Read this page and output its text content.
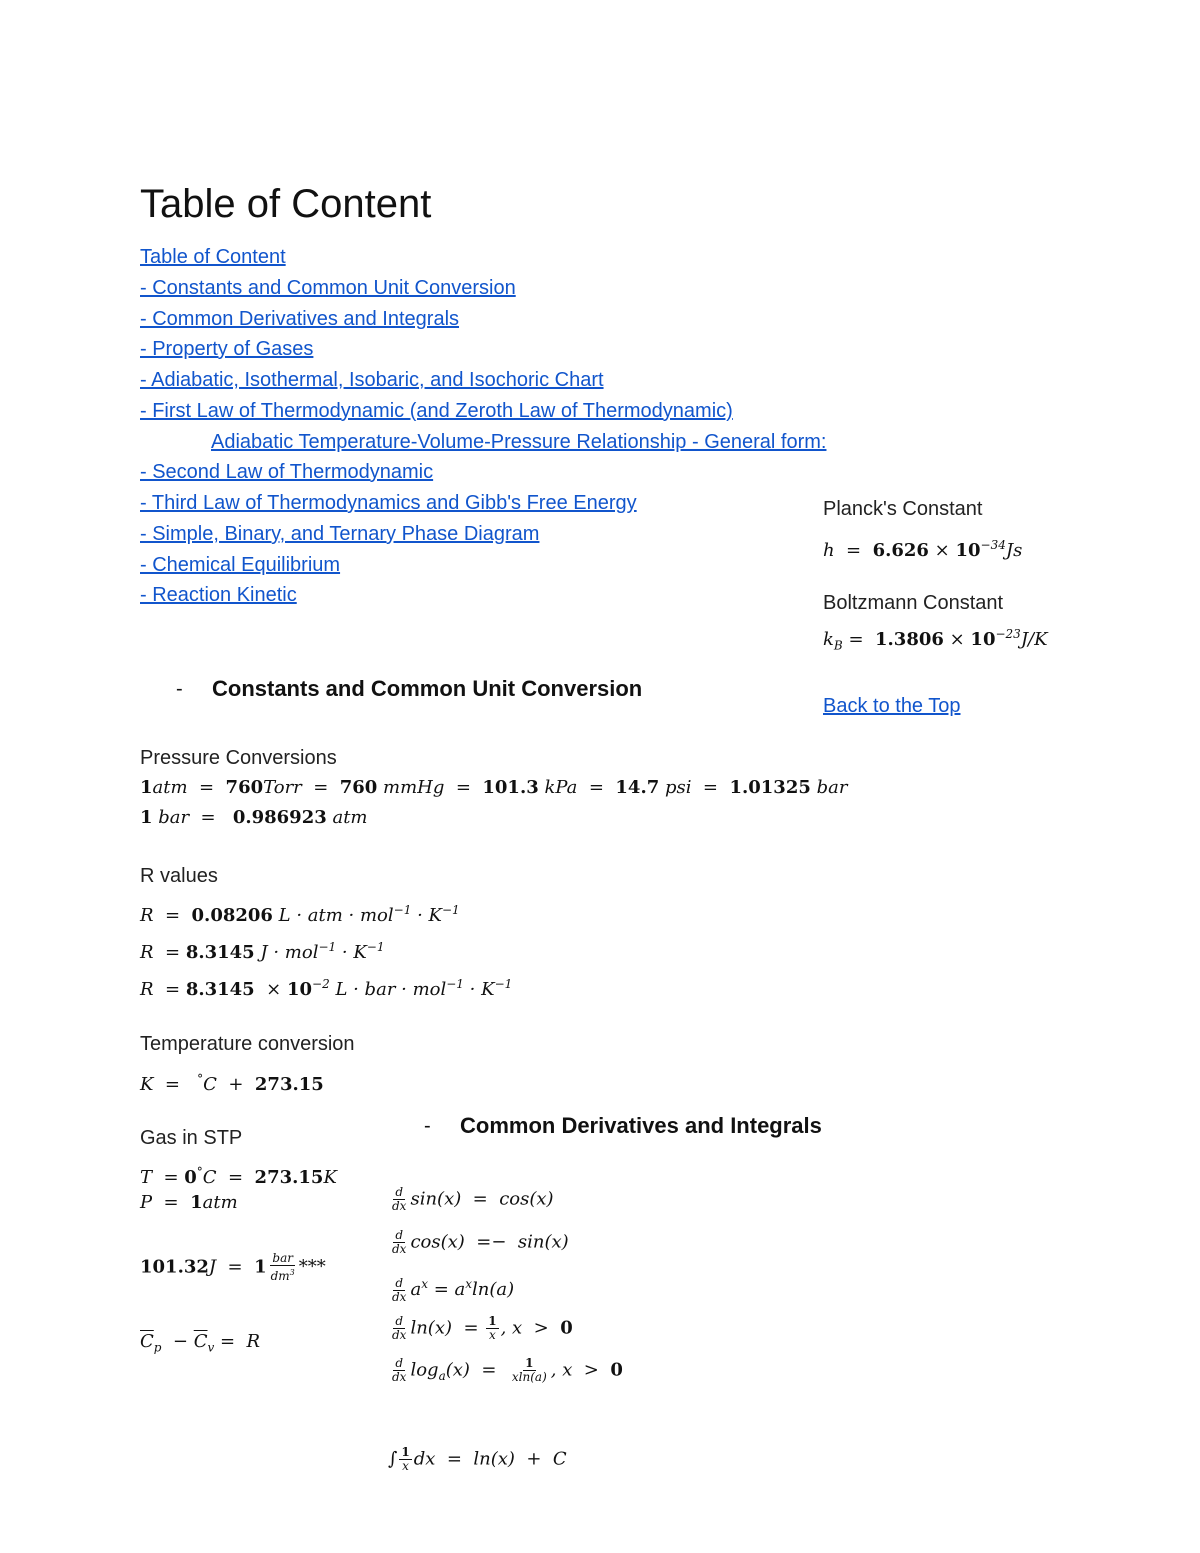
Table of Content
Table of Content
- Constants and Common Unit Conversion
- Common Derivatives and Integrals
- Property of Gases
- Adiabatic, Isothermal, Isobaric, and Isochoric Chart
- First Law of Thermodynamic (and Zeroth Law of Thermodynamic)
Adiabatic Temperature-Volume-Pressure Relationship - General form:
- Second Law of Thermodynamic
- Third Law of Thermodynamics and Gibb's Free Energy
- Simple, Binary, and Ternary Phase Diagram
- Chemical Equilibrium
- Reaction Kinetic
Planck's Constant
$h = 6.626 \times 10^{-34}Js$
Boltzmann Constant
$k_B = 1.3806 \times 10^{-23}J/K$
Back to the Top
- Constants and Common Unit Conversion
Pressure Conversions
1atm  =  760Torr  =  760 mmHg  =  101.3 kPa  =  14.7 psi  =  1.01325 bar
1 bar  =   0.986923 atm
R values
R  =  0.08206 L · atm · $mol^{-1} \cdot K^{-1}$
R  = 8.3145 $J \cdot mol^{-1} \cdot K^{-1}$
$R = 8.3145 \times 10^{-2}$ L · bar · $mol^{-1} \cdot K^{-1}$
Temperature conversion
K  =   °C  +  273.15
Gas in STP
T  = 0°C  =  273.15K
P  =  1atm
$101.32J = 1 \frac{\text{bar}}{dm^3}$ ***
$\overline{C}_p - \overline{C}_v = R$
- Common Derivatives and Integrals
$\frac{d}{dx} \sin(x) = \cos(x)$
$\frac{d}{dx} \cos(x) =- \sin(x)$
$\frac{d}{dx} a^x = a^x\ln(a)$
$\frac{d}{dx} \ln(x) = \frac{1}{x}$ , x  >  0
$\frac{d}{dx} \log_a(x) = \frac{1}{xln(a)}$ , x  >  0
∫ $\frac{1}{x}$ dx  =  ln(x)  +  C
